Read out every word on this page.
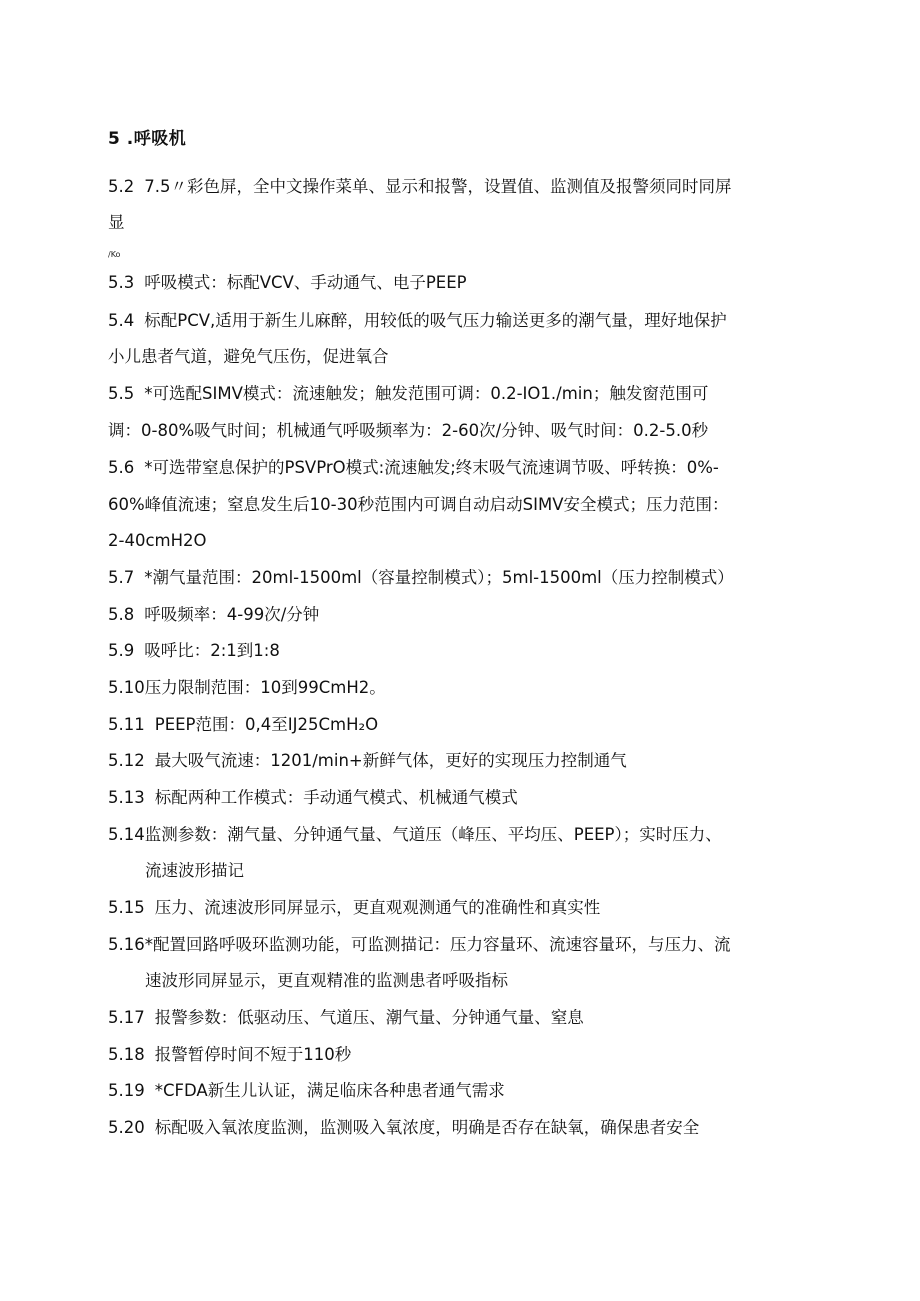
5 .呼吸机
5.2 7.5〃彩色屏，全中文操作菜单、显示和报警，设置值、监测值及报警须同时同屏
显
/Ko
5.3 呼吸模式：标配VCV、手动通气、电子PEEP
5.4 标配PCV,适用于新生儿麻醉，用较低的吸气压力输送更多的潮气量，理好地保护
小儿患者气道，避免气压伤，促进氧合
5.5 *可选配SIMV模式：流速触发；触发范围可调：0.2-IO1./min；触发窗范围可
调：0-80%吸气时间；机械通气呼吸频率为：2-60次/分钟、吸气时间：0.2-5.0秒
5.6 *可选带窒息保护的PSVPrO模式:流速触发;终末吸气流速调节吸、呼转换：0%-
60%峰值流速；窒息发生后10-30秒范围内可调自动启动SIMV安全模式；压力范围：
2-40cmH2O
5.7 *潮气量范围：20ml-1500ml（容量控制模式）；5ml-1500ml（压力控制模式）
5.8 呼吸频率：4-99次/分钟
5.9 吸呼比：2:1到1:8
5.10压力限制范围：10到99CmH2。
5.11 PEEP范围：0,4至IJ25CmH₂O
5.12 最大吸气流速：1201∕min+新鲜气体，更好的实现压力控制通气
5.13 标配两种工作模式：手动通气模式、机械通气模式
5.14监测参数：潮气量、分钟通气量、气道压（峰压、平均压、PEEP）；实时压力、
流速波形描记
5.15 压力、流速波形同屏显示，更直观观测通气的准确性和真实性
5.16*配置回路呼吸环监测功能，可监测描记：压力容量环、流速容量环，与压力、流
速波形同屏显示，更直观精准的监测患者呼吸指标
5.17 报警参数：低驱动压、气道压、潮气量、分钟通气量、窒息
5.18 报警暂停时间不短于110秒
5.19 *CFDA新生儿认证，满足临床各种患者通气需求
5.20 标配吸入氧浓度监测，监测吸入氧浓度，明确是否存在缺氧，确保患者安全
